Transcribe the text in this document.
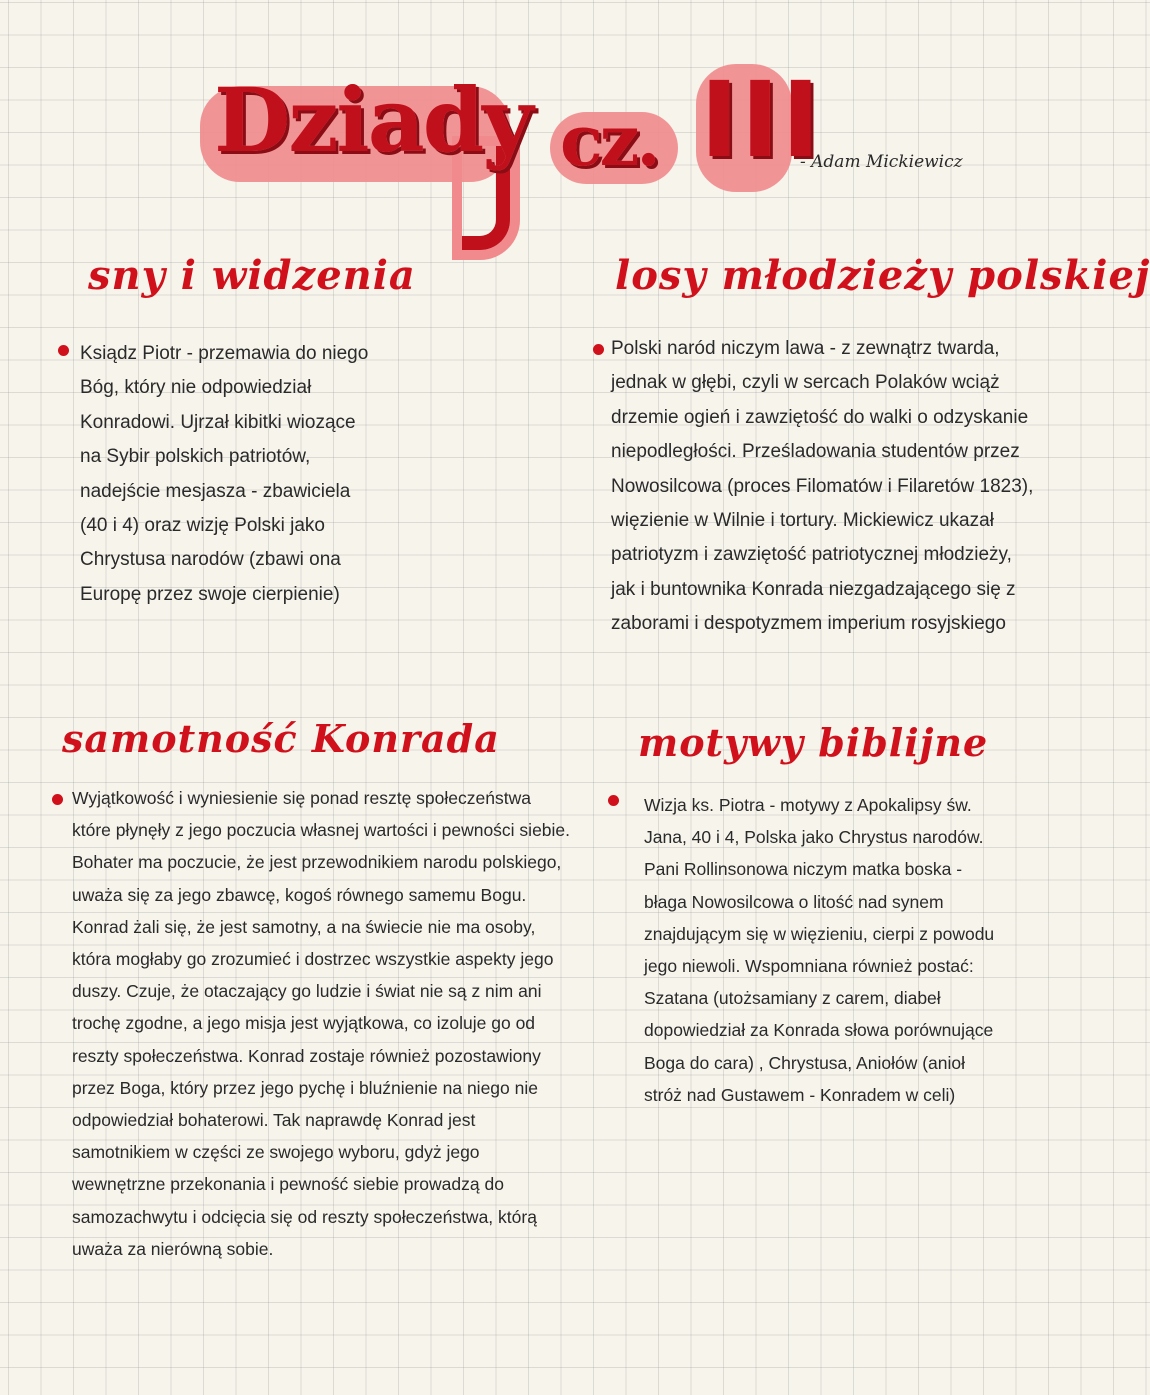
Dziady cz. III
- Adam Mickiewicz
sny i widzenia

Ksiądz Piotr - przemawia do niego Bóg, który nie odpowiedział Konradowi. Ujrzał kibitki wiozące na Sybir polskich patriotów, nadejście mesjasza - zbawiciela (40 i 4) oraz wizję Polski jako Chrystusa narodów (zbawi ona Europę przez swoje cierpienie)

losy młodzieży polskiej

Polski naród niczym lawa - z zewnątrz twarda, jednak w głębi, czyli w sercach Polaków wciąż drzemie ogień i zawziętość do walki o odzyskanie niepodległości. Prześladowania studentów przez Nowosilcowa (proces Filomatów i Filaretów 1823), więzienie w Wilnie i tortury. Mickiewicz ukazał patriotyzm i zawziętość patriotycznej młodzieży, jak i buntownika Konrada niezgadzającego się z zaborami i despotyzmem imperium rosyjskiego

samotność Konrada

Wyjątkowość i wyniesienie się ponad resztę społeczeństwa które płynęły z jego poczucia własnej wartości i pewności siebie. Bohater ma poczucie, że jest przewodnikiem narodu polskiego, uważa się za jego zbawcę, kogoś równego samemu Bogu. Konrad żali się, że jest samotny, a na świecie nie ma osoby, która mogłaby go zrozumieć i dostrzec wszystkie aspekty jego duszy. Czuje, że otaczający go ludzie i świat nie są z nim ani trochę zgodne, a jego misja jest wyjątkowa, co izoluje go od reszty społeczeństwa. Konrad zostaje również pozostawiony przez Boga, który przez jego pychę i bluźnienie na niego nie odpowiedział bohaterowi. Tak naprawdę Konrad jest samotnikiem w części ze swojego wyboru, gdyż jego wewnętrzne przekonania i pewność siebie prowadzą do samozachwytu i odcięcia się od reszty społeczeństwa, którą uważa za nierówną sobie.

motywy biblijne

Wizja ks. Piotra - motywy z Apokalipsy św. Jana, 40 i 4, Polska jako Chrystus narodów. Pani Rollinsonowa niczym matka boska - błaga Nowosilcowa o litość nad synem znajdującym się w więzieniu, cierpi z powodu jego niewoli. Wspomniana również postać: Szatana (utożsamiany z carem, diabeł dopowiedział za Konrada słowa porównujące Boga do cara) , Chrystusa, Aniołów (anioł stróż nad Gustawem - Konradem w celi)
